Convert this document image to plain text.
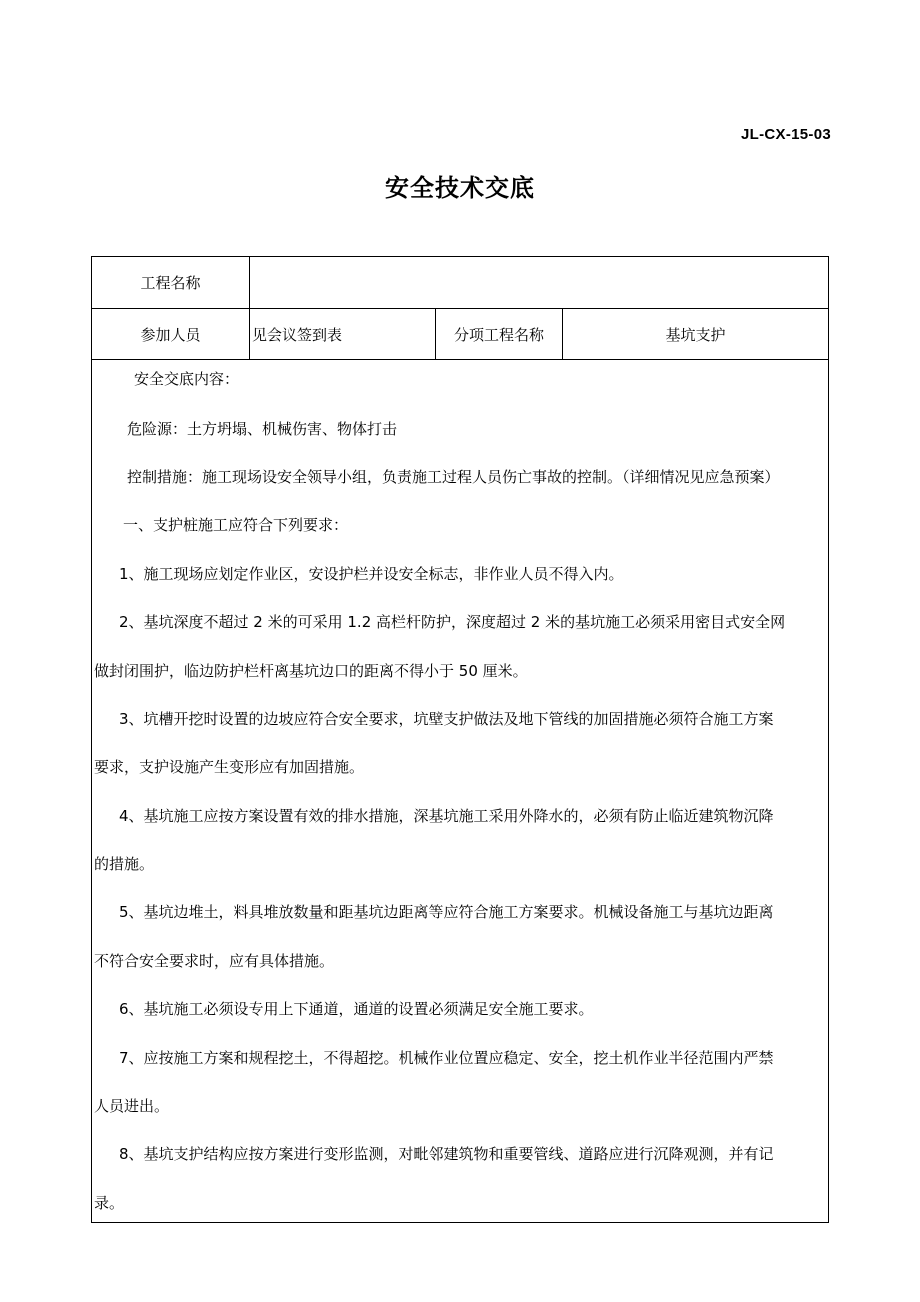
JL-CX-15-03
安全技术交底
工程名称
参加人员	见会议签到表	分项工程名称	基坑支护
安全交底内容：
危险源：土方坍塌、机械伤害、物体打击
控制措施：施工现场设安全领导小组，负责施工过程人员伤亡事故的控制。（详细情况见应急预案）
一、支护桩施工应符合下列要求：
1、施工现场应划定作业区，安设护栏并设安全标志，非作业人员不得入内。
2、基坑深度不超过 2 米的可采用 1.2 高栏杆防护，深度超过 2 米的基坑施工必须采用密目式安全网
做封闭围护，临边防护栏杆离基坑边口的距离不得小于 50 厘米。
3、坑槽开挖时设置的边坡应符合安全要求，坑壁支护做法及地下管线的加固措施必须符合施工方案
要求，支护设施产生变形应有加固措施。
4、基坑施工应按方案设置有效的排水措施，深基坑施工采用外降水的，必须有防止临近建筑物沉降
的措施。
5、基坑边堆土，料具堆放数量和距基坑边距离等应符合施工方案要求。机械设备施工与基坑边距离
不符合安全要求时，应有具体措施。
6、基坑施工必须设专用上下通道，通道的设置必须满足安全施工要求。
7、应按施工方案和规程挖土，不得超挖。机械作业位置应稳定、安全，挖土机作业半径范围内严禁
人员进出。
8、基坑支护结构应按方案进行变形监测，对毗邻建筑物和重要管线、道路应进行沉降观测，并有记
录。
